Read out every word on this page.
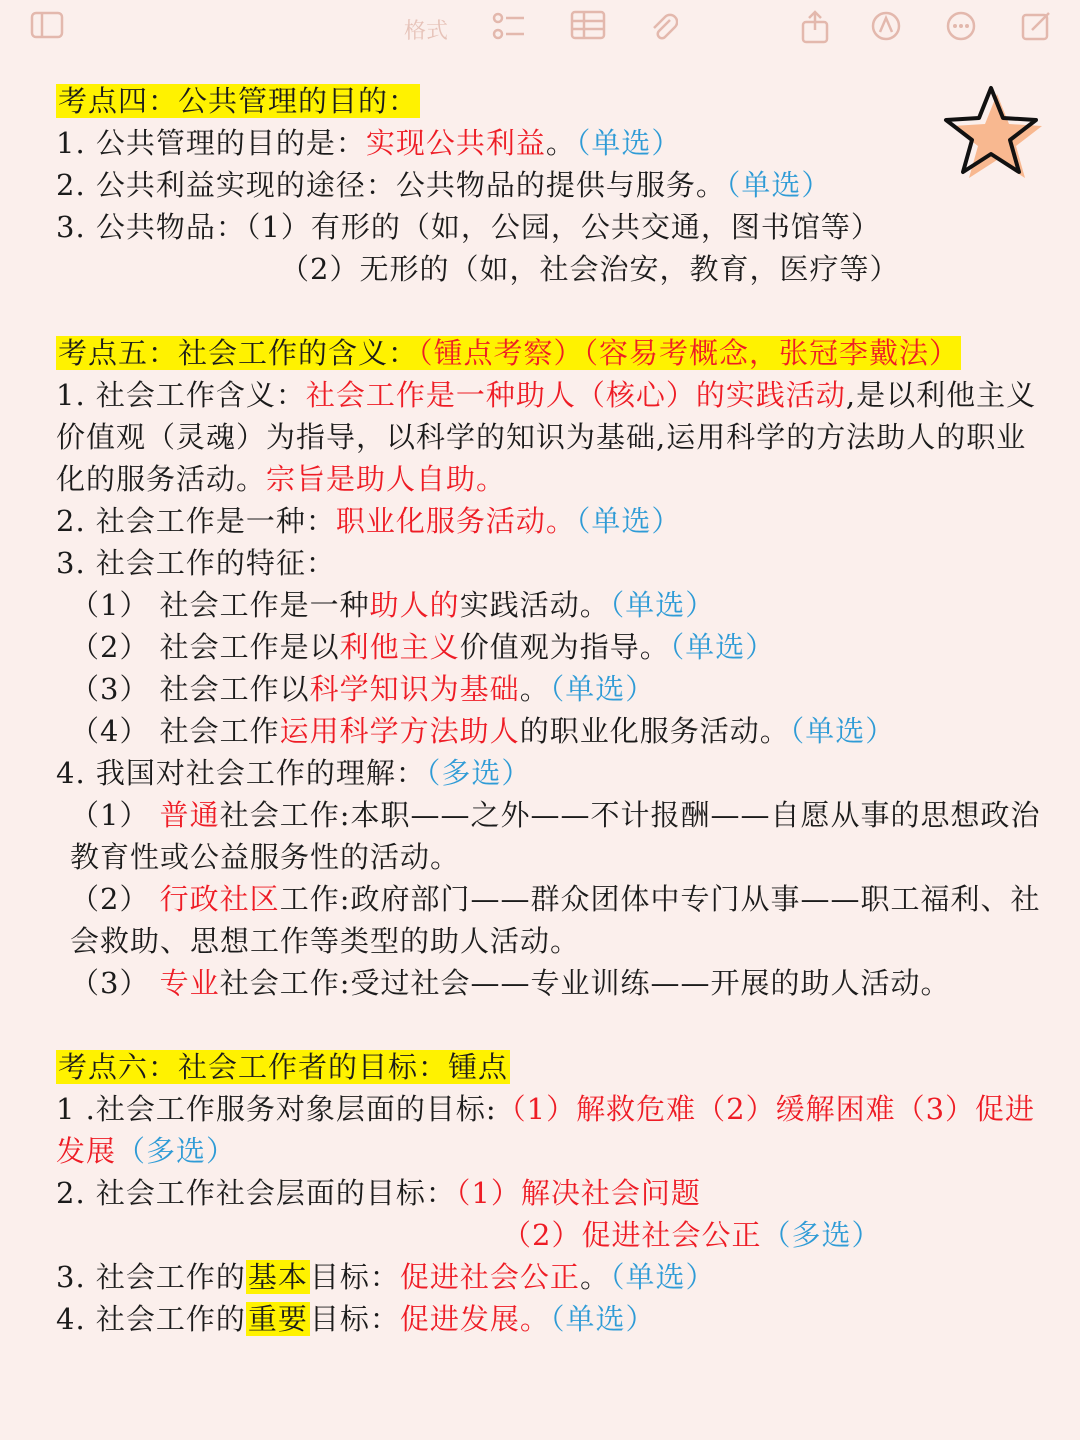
格式
考点四：公共管理的目的：
1. 公共管理的目的是：实现公共利益。（单选）
2. 公共利益实现的途径：公共物品的提供与服务。（单选）
3. 公共物品：（1）有形的（如，公园，公共交通，图书馆等）
（2）无形的（如，社会治安，教育，医疗等）
考点五：社会工作的含义：（锺点考察）（容易考概念，张冠李戴法）
1. 社会工作含义：社会工作是一种助人（核心）的实践活动,是以利他主义价值观（灵魂）为指导，以科学的知识为基础,运用科学的方法助人的职业化的服务活动。宗旨是助人自助。
2. 社会工作是一种：职业化服务活动。（单选）
3. 社会工作的特征：
（1） 社会工作是一种助人的实践活动。（单选）
（2） 社会工作是以利他主义价值观为指导。（单选）
（3） 社会工作以科学知识为基础。（单选）
（4） 社会工作运用科学方法助人的职业化服务活动。（单选）
4. 我国对社会工作的理解：（多选）
（1） 普通社会工作:本职——之外——不计报酬——自愿从事的思想政治教育性或公益服务性的活动。
（2） 行政社区工作:政府部门——群众团体中专门从事——职工福利、社会救助、思想工作等类型的助人活动。
（3） 专业社会工作:受过社会——专业训练——开展的助人活动。
考点六：社会工作者的目标：锺点
1 .社会工作服务对象层面的目标:（1）解救危难（2）缓解困难（3）促进发展（多选）
2. 社会工作社会层面的目标：（1）解决社会问题
（2）促进社会公正（多选）
3. 社会工作的基本目标：促进社会公正。（单选）
4. 社会工作的重要目标：促进发展。（单选）
